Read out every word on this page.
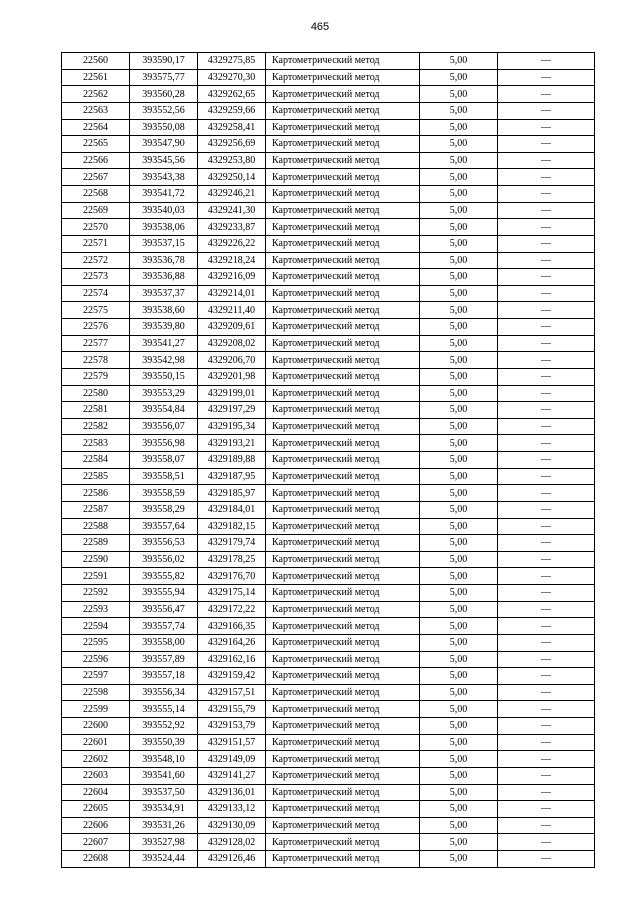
465
22560	393590,17	4329275,85	Картометрический метод	5,00	—
22561	393575,77	4329270,30	Картометрический метод	5,00	—
22562	393560,28	4329262,65	Картометрический метод	5,00	—
22563	393552,56	4329259,66	Картометрический метод	5,00	—
22564	393550,08	4329258,41	Картометрический метод	5,00	—
22565	393547,90	4329256,69	Картометрический метод	5,00	—
22566	393545,56	4329253,80	Картометрический метод	5,00	—
22567	393543,38	4329250,14	Картометрический метод	5,00	—
22568	393541,72	4329246,21	Картометрический метод	5,00	—
22569	393540,03	4329241,30	Картометрический метод	5,00	—
22570	393538,06	4329233,87	Картометрический метод	5,00	—
22571	393537,15	4329226,22	Картометрический метод	5,00	—
22572	393536,78	4329218,24	Картометрический метод	5,00	—
22573	393536,88	4329216,09	Картометрический метод	5,00	—
22574	393537,37	4329214,01	Картометрический метод	5,00	—
22575	393538,60	4329211,40	Картометрический метод	5,00	—
22576	393539,80	4329209,61	Картометрический метод	5,00	—
22577	393541,27	4329208,02	Картометрический метод	5,00	—
22578	393542,98	4329206,70	Картометрический метод	5,00	—
22579	393550,15	4329201,98	Картометрический метод	5,00	—
22580	393553,29	4329199,01	Картометрический метод	5,00	—
22581	393554,84	4329197,29	Картометрический метод	5,00	—
22582	393556,07	4329195,34	Картометрический метод	5,00	—
22583	393556,98	4329193,21	Картометрический метод	5,00	—
22584	393558,07	4329189,88	Картометрический метод	5,00	—
22585	393558,51	4329187,95	Картометрический метод	5,00	—
22586	393558,59	4329185,97	Картометрический метод	5,00	—
22587	393558,29	4329184,01	Картометрический метод	5,00	—
22588	393557,64	4329182,15	Картометрический метод	5,00	—
22589	393556,53	4329179,74	Картометрический метод	5,00	—
22590	393556,02	4329178,25	Картометрический метод	5,00	—
22591	393555,82	4329176,70	Картометрический метод	5,00	—
22592	393555,94	4329175,14	Картометрический метод	5,00	—
22593	393556,47	4329172,22	Картометрический метод	5,00	—
22594	393557,74	4329166,35	Картометрический метод	5,00	—
22595	393558,00	4329164,26	Картометрический метод	5,00	—
22596	393557,89	4329162,16	Картометрический метод	5,00	—
22597	393557,18	4329159,42	Картометрический метод	5,00	—
22598	393556,34	4329157,51	Картометрический метод	5,00	—
22599	393555,14	4329155,79	Картометрический метод	5,00	—
22600	393552,92	4329153,79	Картометрический метод	5,00	—
22601	393550,39	4329151,57	Картометрический метод	5,00	—
22602	393548,10	4329149,09	Картометрический метод	5,00	—
22603	393541,60	4329141,27	Картометрический метод	5,00	—
22604	393537,50	4329136,01	Картометрический метод	5,00	—
22605	393534,91	4329133,12	Картометрический метод	5,00	—
22606	393531,26	4329130,09	Картометрический метод	5,00	—
22607	393527,98	4329128,02	Картометрический метод	5,00	—
22608	393524,44	4329126,46	Картометрический метод	5,00	—
